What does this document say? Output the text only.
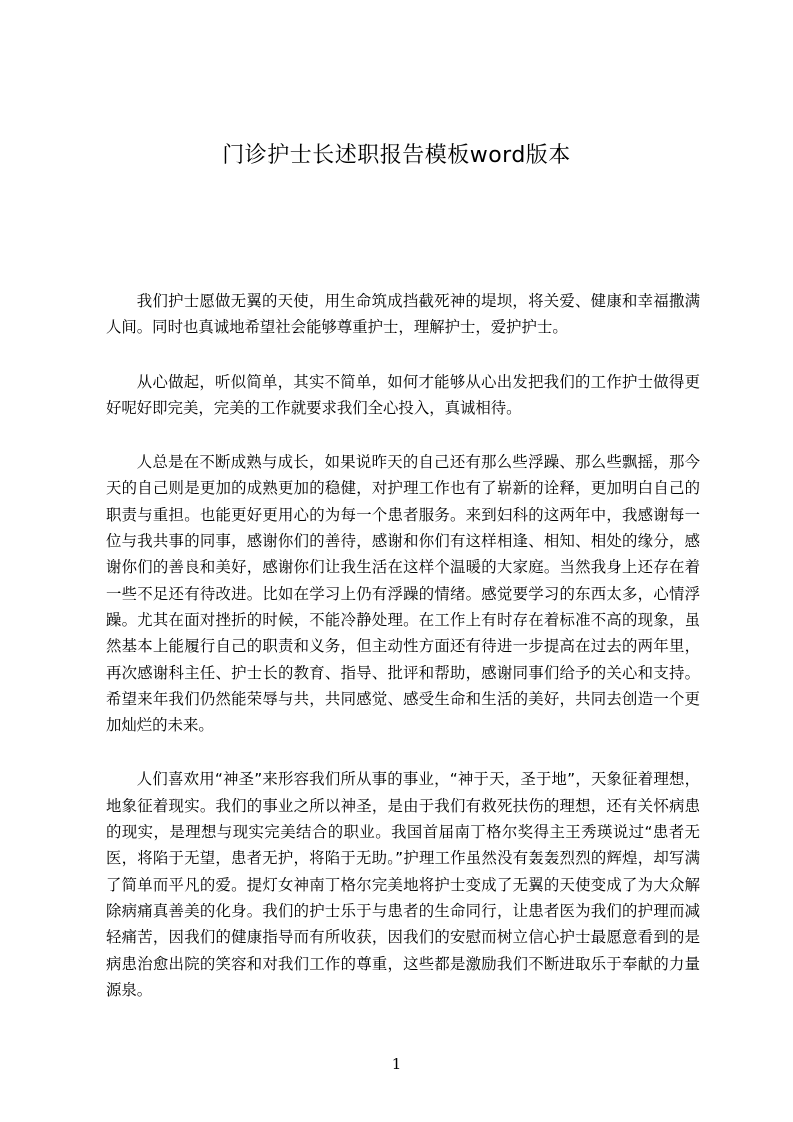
门诊护士长述职报告模板word版本

我们护士愿做无翼的天使，用生命筑成挡截死神的堤坝，将关爱、健康和幸福撒满人间。同时也真诚地希望社会能够尊重护士，理解护士，爱护护士。

从心做起，听似简单，其实不简单，如何才能够从心出发把我们的工作护士做得更好呢好即完美，完美的工作就要求我们全心投入，真诚相待。

人总是在不断成熟与成长，如果说昨天的自己还有那么些浮躁、那么些飘摇，那今天的自己则是更加的成熟更加的稳健，对护理工作也有了崭新的诠释，更加明白自己的职责与重担。也能更好更用心的为每一个患者服务。来到妇科的这两年中，我感谢每一位与我共事的同事，感谢你们的善待，感谢和你们有这样相逢、相知、相处的缘分，感谢你们的善良和美好，感谢你们让我生活在这样个温暖的大家庭。当然我身上还存在着一些不足还有待改进。比如在学习上仍有浮躁的情绪。感觉要学习的东西太多，心情浮躁。尤其在面对挫折的时候，不能冷静处理。在工作上有时存在着标准不高的现象，虽然基本上能履行自己的职责和义务，但主动性方面还有待进一步提高在过去的两年里，再次感谢科主任、护士长的教育、指导、批评和帮助，感谢同事们给予的关心和支持。希望来年我们仍然能荣辱与共，共同感觉、感受生命和生活的美好，共同去创造一个更加灿烂的未来。

人们喜欢用“神圣”来形容我们所从事的事业，“神于天，圣于地”，天象征着理想，地象征着现实。我们的事业之所以神圣，是由于我们有救死扶伤的理想，还有关怀病患的现实，是理想与现实完美结合的职业。我国首届南丁格尔奖得主王秀瑛说过“患者无医，将陷于无望，患者无护，将陷于无助。”护理工作虽然没有轰轰烈烈的辉煌，却写满了简单而平凡的爱。提灯女神南丁格尔完美地将护士变成了无翼的天使变成了为大众解除病痛真善美的化身。我们的护士乐于与患者的生命同行，让患者医为我们的护理而减轻痛苦，因我们的健康指导而有所收获，因我们的安慰而树立信心护士最愿意看到的是病患治愈出院的笑容和对我们工作的尊重，这些都是激励我们不断进取乐于奉献的力量源泉。

1
